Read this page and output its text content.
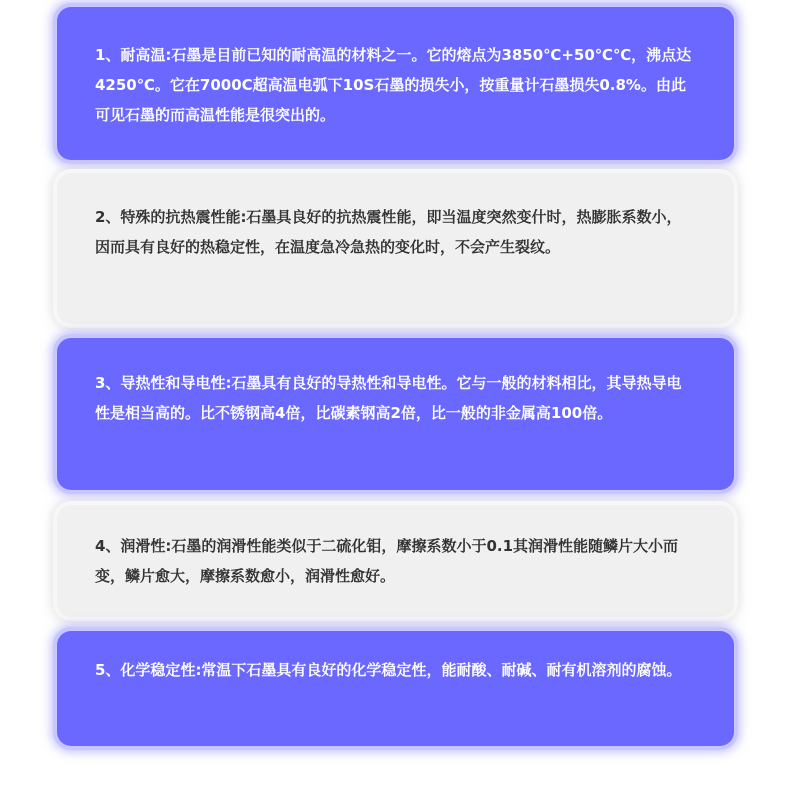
1、耐高温:石墨是目前已知的耐高温的材料之一。它的熔点为3850℃+50℃℃，沸点达4250℃。它在7000C超高温电弧下10S石墨的损失小，按重量计石墨损失0.8%。由此可见石墨的而高温性能是很突出的。

2、特殊的抗热震性能:石墨具良好的抗热震性能，即当温度突然变什时，热膨胀系数小，因而具有良好的热稳定性，在温度急冷急热的变化时，不会产生裂纹。

3、导热性和导电性:石墨具有良好的导热性和导电性。它与一般的材料相比，其导热导电性是相当高的。比不锈钢高4倍，比碳素钢高2倍，比一般的非金属高100倍。

4、润滑性:石墨的润滑性能类似于二硫化钼，摩擦系数小于0.1其润滑性能随鳞片大小而变，鳞片愈大，摩擦系数愈小，润滑性愈好。

5、化学稳定性:常温下石墨具有良好的化学稳定性，能耐酸、耐碱、耐有机溶剂的腐蚀。
